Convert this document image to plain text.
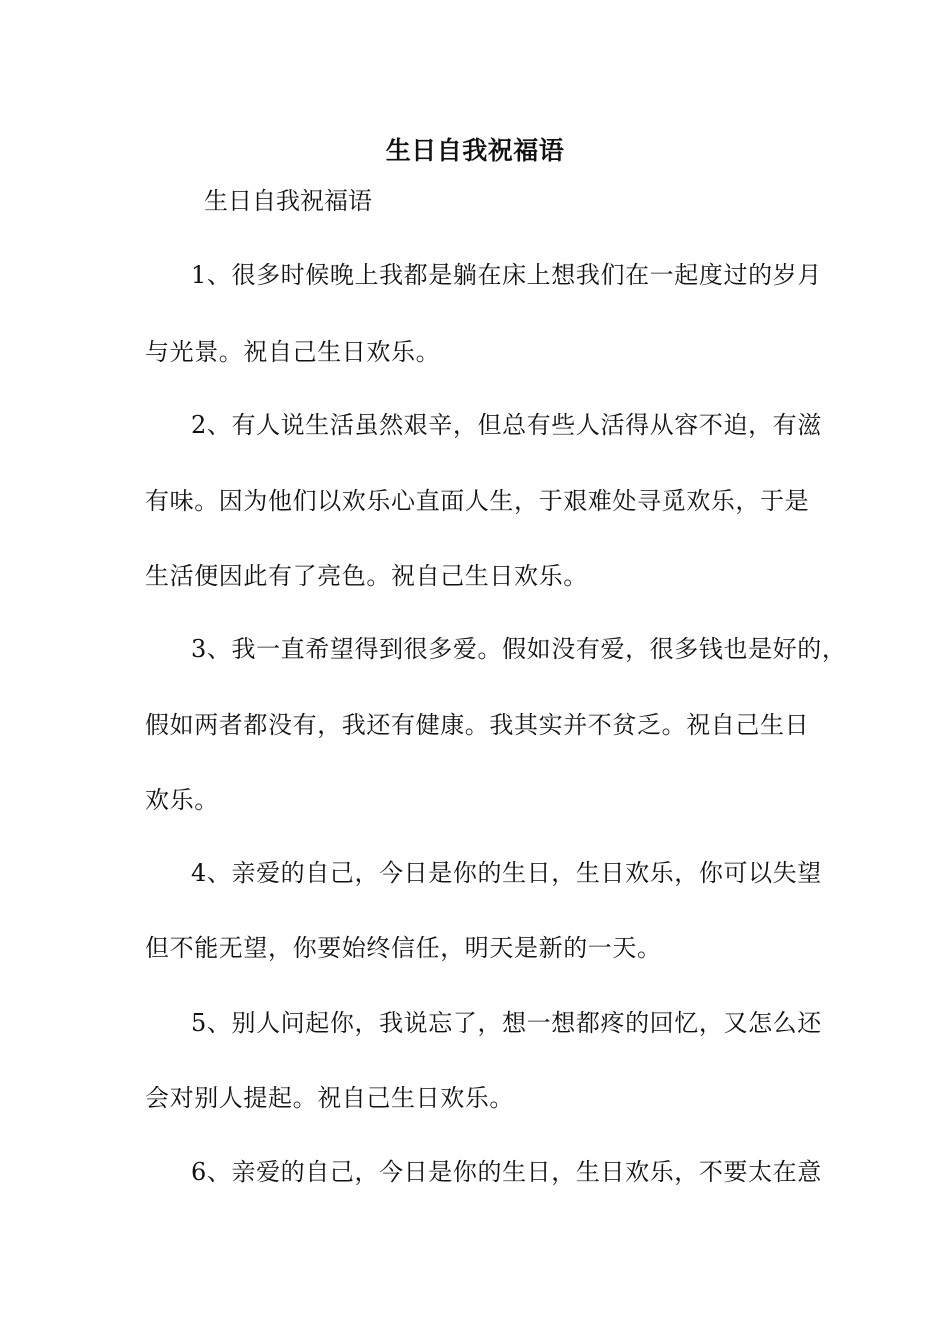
生日自我祝福语
生日自我祝福语
1、很多时候晚上我都是躺在床上想我们在一起度过的岁月
与光景。祝自己生日欢乐。
2、有人说生活虽然艰辛，但总有些人活得从容不迫，有滋
有味。因为他们以欢乐心直面人生，于艰难处寻觅欢乐，于是
生活便因此有了亮色。祝自己生日欢乐。
3、我一直希望得到很多爱。假如没有爱，很多钱也是好的，
假如两者都没有，我还有健康。我其实并不贫乏。祝自己生日
欢乐。
4、亲爱的自己，今日是你的生日，生日欢乐，你可以失望
但不能无望，你要始终信任，明天是新的一天。
5、别人问起你，我说忘了，想一想都疼的回忆，又怎么还
会对别人提起。祝自己生日欢乐。
6、亲爱的自己，今日是你的生日，生日欢乐，不要太在意
